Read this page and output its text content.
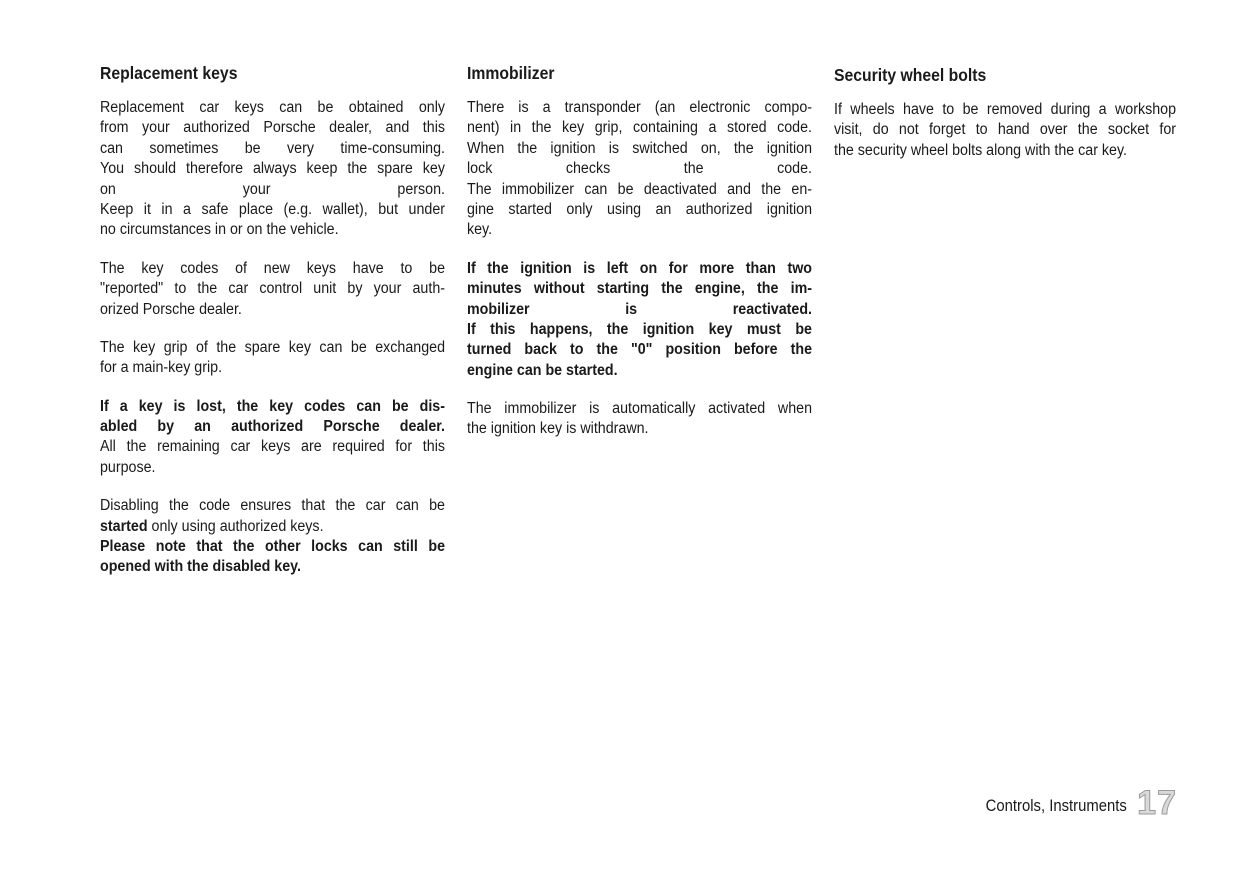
Replacement keys
Replacement car keys can be obtained only
from your authorized Porsche dealer, and this
can sometimes be very time-consuming.
You should therefore always keep the spare key
on your person.
Keep it in a safe place (e.g. wallet), but under
no circumstances in or on the vehicle.
The key codes of new keys have to be
"reported" to the car control unit by your auth-
orized Porsche dealer.
The key grip of the spare key can be exchanged
for a main-key grip.
If a key is lost, the key codes can be dis-
abled by an authorized Porsche dealer.
All the remaining car keys are required for this
purpose.
Disabling the code ensures that the car can be
started only using authorized keys.
Please note that the other locks can still be
opened with the disabled key.
Immobilizer
There is a transponder (an electronic compo-
nent) in the key grip, containing a stored code.
When the ignition is switched on, the ignition
lock checks the code.
The immobilizer can be deactivated and the en-
gine started only using an authorized ignition
key.
If the ignition is left on for more than two
minutes without starting the engine, the im-
mobilizer is reactivated.
If this happens, the ignition key must be
turned back to the "0" position before the
engine can be started.
The immobilizer is automatically activated when
the ignition key is withdrawn.
Security wheel bolts
If wheels have to be removed during a workshop
visit, do not forget to hand over the socket for
the security wheel bolts along with the car key.
Controls, Instruments 17
